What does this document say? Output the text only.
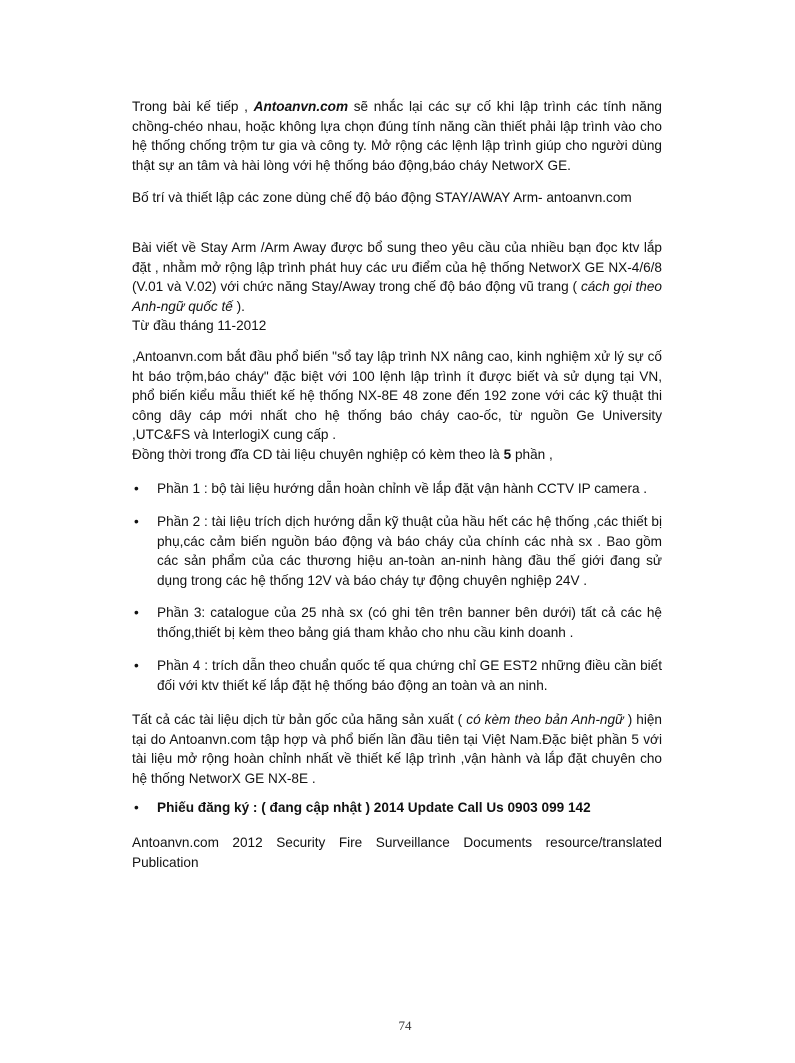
Trong bài kế tiếp , Antoanvn.com sẽ nhắc lại các sự cố khi lập trình các tính năng chồng-chéo nhau, hoặc không lựa chọn đúng tính năng cần thiết phải lập trình vào cho hệ thống chống trộm tư gia và công ty. Mở rộng các lệnh lập trình giúp cho người dùng thật sự an tâm và hài lòng với hệ thống báo động,báo cháy NetworX GE.
Bố trí và thiết lập các zone dùng chế độ báo động STAY/AWAY Arm- antoanvn.com
Bài viết về Stay Arm /Arm Away được bổ sung theo yêu cầu của nhiều bạn đọc ktv lắp đặt , nhằm mở rộng lập trình phát huy các ưu điểm của hệ thống NetworX GE NX-4/6/8 (V.01 và V.02) với chức năng Stay/Away trong chế độ báo động vũ trang ( cách gọi theo Anh-ngữ quốc tế ).
Từ đầu tháng 11-2012
,Antoanvn.com bắt đầu phổ biến "sổ tay lập trình NX nâng cao, kinh nghiệm xử lý sự cố ht báo trộm,báo cháy" đặc biệt với 100 lệnh lập trình ít được biết và sử dụng tại VN, phổ biến kiểu mẫu thiết kế hệ thống NX-8E 48 zone đến 192 zone với các kỹ thuật thi công dây cáp mới nhất cho hệ thống báo cháy cao-ốc, từ nguồn Ge University ,UTC&FS và InterlogiX cung cấp .
Đồng thời trong đĩa CD tài liệu chuyên nghiệp có kèm theo là 5 phần ,
• Phần 1 : bộ tài liệu hướng dẫn hoàn chỉnh về lắp đặt vận hành CCTV IP camera .
• Phần 2 : tài liệu trích dịch hướng dẫn kỹ thuật của hầu hết các hệ thống ,các thiết bị phụ,các cảm biến nguồn báo động và báo cháy của chính các nhà sx . Bao gồm các sản phẩm của các thương hiệu an-toàn an-ninh hàng đầu thế giới đang sử dụng trong các hệ thống 12V và báo cháy tự động chuyên nghiệp 24V .
• Phần 3: catalogue của 25 nhà sx (có ghi tên trên banner bên dưới) tất cả các hệ thống,thiết bị kèm theo bảng giá tham khảo cho nhu cầu kinh doanh .
• Phần 4 : trích dẫn theo chuẩn quốc tế qua chứng chỉ GE EST2 những điều cần biết đối với ktv thiết kế lắp đặt hệ thống báo động an toàn và an ninh.
Tất cả các tài liệu dịch từ bản gốc của hãng sản xuất ( có kèm theo bản Anh-ngữ ) hiện tại do Antoanvn.com tập hợp và phổ biến lần đầu tiên tại Việt Nam.Đặc biệt phần 5 với tài liệu mở rộng hoàn chỉnh nhất về thiết kế lập trình ,vận hành và lắp đặt chuyên cho hệ thống NetworX GE NX-8E .
• Phiếu đăng ký : ( đang cập nhật ) 2014 Update Call Us 0903 099 142
Antoanvn.com 2012 Security Fire Surveillance Documents resource/translated Publication
74
